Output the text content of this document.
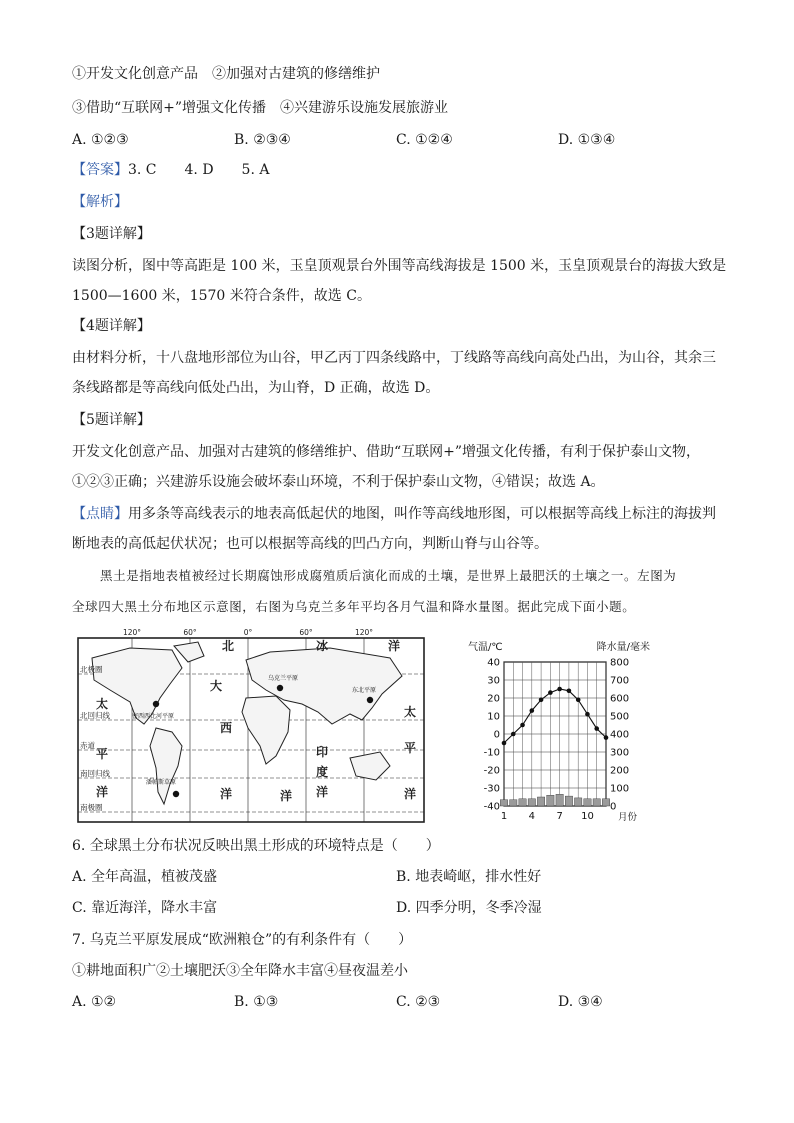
①开发文化创意产品　②加强对古建筑的修缮维护
③借助“互联网+”增强文化传播　④兴建游乐设施发展旅游业
A. ①②③	B. ②③④	C. ①②④	D. ①③④
【答案】3. C　　4. D　　5. A
【解析】
【3题详解】
读图分析，图中等高距是 100 米，玉皇顶观景台外围等高线海拔是 1500 米，玉皇顶观景台的海拔大致是
1500—1600 米，1570 米符合条件，故选 C。
【4题详解】
由材料分析，十八盘地形部位为山谷，甲乙丙丁四条线路中，丁线路等高线向高处凸出，为山谷，其余三
条线路都是等高线向低处凸出，为山脊，D 正确，故选 D。
【5题详解】
开发文化创意产品、加强对古建筑的修缮维护、借助“互联网+”增强文化传播，有利于保护泰山文物，
①②③正确；兴建游乐设施会破坏泰山环境，不利于保护泰山文物，④错误；故选 A。
【点睛】用多条等高线表示的地表高低起伏的地图，叫作等高线地形图，可以根据等高线上标注的海拔判
断地表的高低起伏状况；也可以根据等高线的凹凸方向，判断山脊与山谷等。
黑土是指地表植被经过长期腐蚀形成腐殖质后演化而成的土壤，是世界上最肥沃的土壤之一。左图为
全球四大黑土分布地区示意图，右图为乌克兰多年平均各月气温和降水量图。据此完成下面小题。
120°	60°	0°	60°	120°
北极圈
北回归线
赤道
南回归线
南极圈
北	冰	洋
大
西
洋
太
平
洋
太
平
洋
印
度
洋
洋
乌克兰平原
东北平原
密西西比河平原
潘帕斯草原
气温/℃	降水量/毫米
月份
40
30
20
10
0
-10
-20
-30
-40
800
700
600
500
400
300
200
100
0
1 4 7 10
6. 全球黑土分布状况反映出黑土形成的环境特点是（　　）
A. 全年高温，植被茂盛	B. 地表崎岖，排水性好
C. 靠近海洋，降水丰富	D. 四季分明，冬季冷湿
7. 乌克兰平原发展成“欧洲粮仓”的有利条件有（　　）
①耕地面积广②土壤肥沃③全年降水丰富④昼夜温差小
A. ①②	B. ①③	C. ②③	D. ③④
